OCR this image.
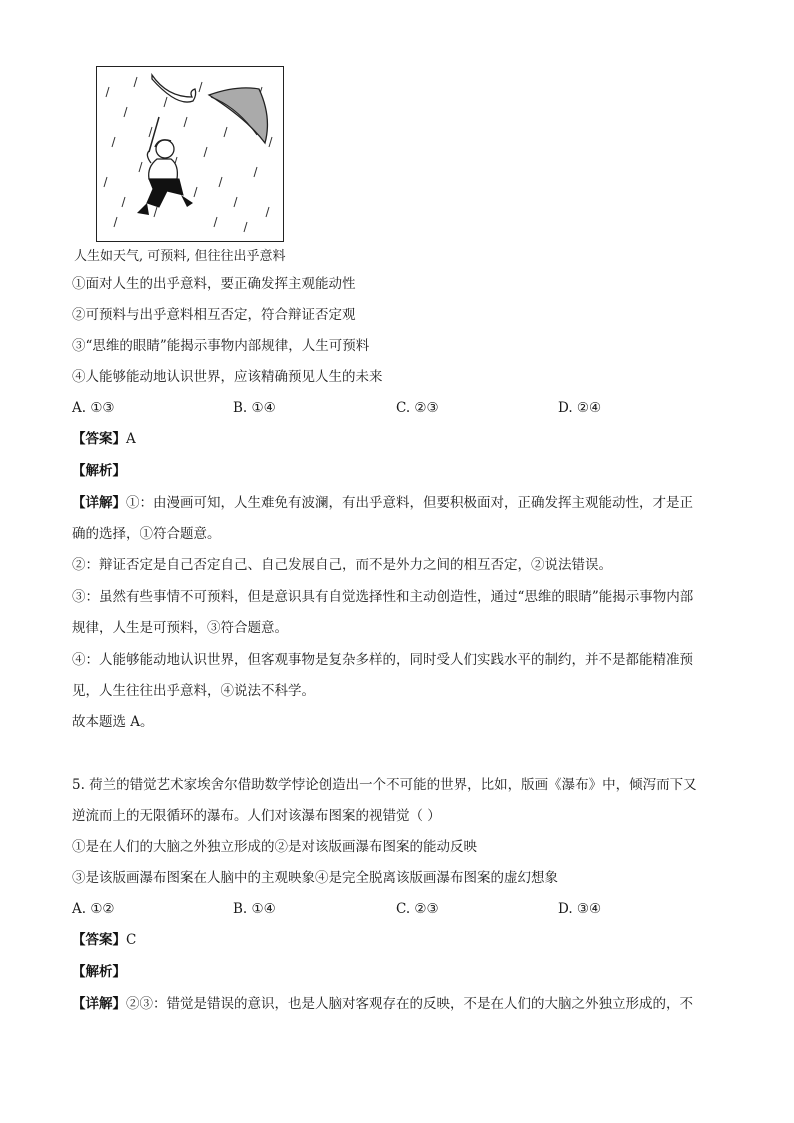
人生如天气, 可预料, 但往往出乎意料
①面对人生的出乎意料，要正确发挥主观能动性
②可预料与出乎意料相互否定，符合辩证否定观
③“思维的眼睛”能揭示事物内部规律，人生可预料
④人能够能动地认识世界，应该精确预见人生的未来
A. ①③	B. ①④	C. ②③	D. ②④
【答案】A
【解析】
【详解】①：由漫画可知，人生难免有波澜，有出乎意料，但要积极面对，正确发挥主观能动性，才是正
确的选择，①符合题意。
②：辩证否定是自己否定自己、自己发展自己，而不是外力之间的相互否定，②说法错误。
③：虽然有些事情不可预料，但是意识具有自觉选择性和主动创造性，通过“思维的眼睛”能揭示事物内部
规律，人生是可预料，③符合题意。
④：人能够能动地认识世界，但客观事物是复杂多样的，同时受人们实践水平的制约，并不是都能精准预
见，人生往往出乎意料，④说法不科学。
故本题选 A。
5. 荷兰的错觉艺术家埃舍尔借助数学悖论创造出一个不可能的世界，比如，版画《瀑布》中，倾泻而下又
逆流而上的无限循环的瀑布。人们对该瀑布图案的视错觉（ ）
①是在人们的大脑之外独立形成的②是对该版画瀑布图案的能动反映
③是该版画瀑布图案在人脑中的主观映象④是完全脱离该版画瀑布图案的虚幻想象
A. ①②	B. ①④	C. ②③	D. ③④
【答案】C
【解析】
【详解】②③：错觉是错误的意识，也是人脑对客观存在的反映，不是在人们的大脑之外独立形成的，不
